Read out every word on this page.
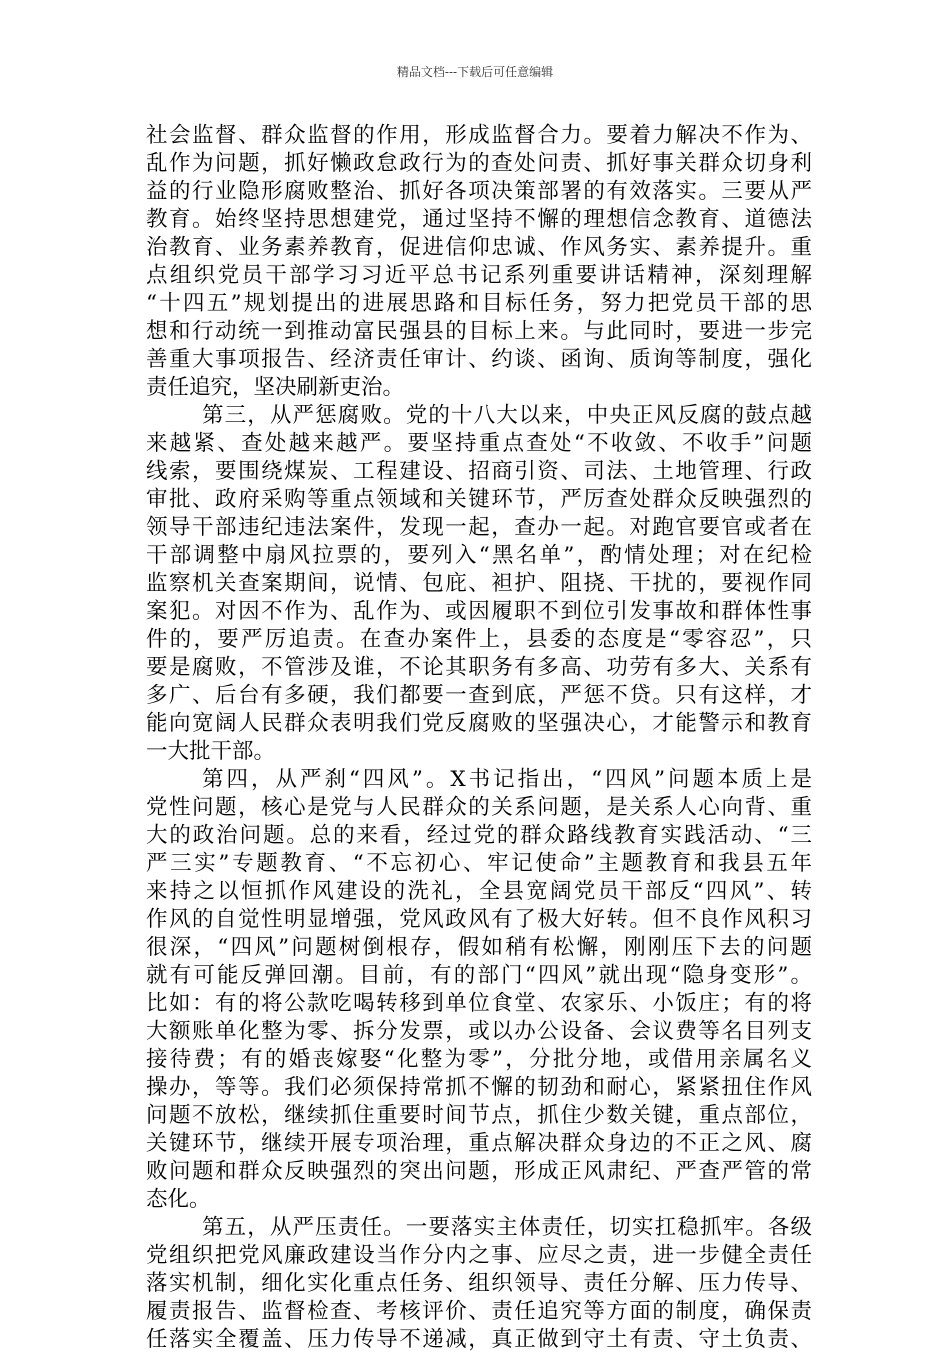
精品文档---下载后可任意编辑
社会监督、群众监督的作用，形成监督合力。要着力解决不作为、
乱作为问题，抓好懒政怠政行为的查处问责、抓好事关群众切身利
益的行业隐形腐败整治、抓好各项决策部署的有效落实。三要从严
教育。始终坚持思想建党，通过坚持不懈的理想信念教育、道德法
治教育、业务素养教育，促进信仰忠诚、作风务实、素养提升。重
点组织党员干部学习习近平总书记系列重要讲话精神，深刻理解
“十四五”规划提出的进展思路和目标任务，努力把党员干部的思
想和行动统一到推动富民强县的目标上来。与此同时，要进一步完
善重大事项报告、经济责任审计、约谈、函询、质询等制度，强化
责任追究，坚决刷新吏治。
第三，从严惩腐败。党的十八大以来，中央正风反腐的鼓点越
来越紧、查处越来越严。要坚持重点查处“不收敛、不收手”问题
线索，要围绕煤炭、工程建设、招商引资、司法、土地管理、行政
审批、政府采购等重点领域和关键环节，严厉查处群众反映强烈的
领导干部违纪违法案件，发现一起，查办一起。对跑官要官或者在
干部调整中扇风拉票的，要列入“黑名单”，酌情处理；对在纪检
监察机关查案期间，说情、包庇、袒护、阻挠、干扰的，要视作同
案犯。对因不作为、乱作为、或因履职不到位引发事故和群体性事
件的，要严厉追责。在查办案件上，县委的态度是“零容忍”，只
要是腐败，不管涉及谁，不论其职务有多高、功劳有多大、关系有
多广、后台有多硬，我们都要一查到底，严惩不贷。只有这样，才
能向宽阔人民群众表明我们党反腐败的坚强决心，才能警示和教育
一大批干部。
第四，从严刹“四风”。X书记指出，“四风”问题本质上是
党性问题，核心是党与人民群众的关系问题，是关系人心向背、重
大的政治问题。总的来看，经过党的群众路线教育实践活动、“三
严三实”专题教育、“不忘初心、牢记使命”主题教育和我县五年
来持之以恒抓作风建设的洗礼，全县宽阔党员干部反“四风”、转
作风的自觉性明显增强，党风政风有了极大好转。但不良作风积习
很深，“四风”问题树倒根存，假如稍有松懈，刚刚压下去的问题
就有可能反弹回潮。目前，有的部门“四风”就出现“隐身变形”。
比如：有的将公款吃喝转移到单位食堂、农家乐、小饭庄；有的将
大额账单化整为零、拆分发票，或以办公设备、会议费等名目列支
接待费；有的婚丧嫁娶“化整为零”，分批分地，或借用亲属名义
操办，等等。我们必须保持常抓不懈的韧劲和耐心，紧紧扭住作风
问题不放松，继续抓住重要时间节点，抓住少数关键，重点部位，
关键环节，继续开展专项治理，重点解决群众身边的不正之风、腐
败问题和群众反映强烈的突出问题，形成正风肃纪、严查严管的常
态化。
第五，从严压责任。一要落实主体责任，切实扛稳抓牢。各级
党组织把党风廉政建设当作分内之事、应尽之责，进一步健全责任
落实机制，细化实化重点任务、组织领导、责任分解、压力传导、
履责报告、监督检查、考核评价、责任追究等方面的制度，确保责
任落实全覆盖、压力传导不递减，真正做到守土有责、守土负责、
